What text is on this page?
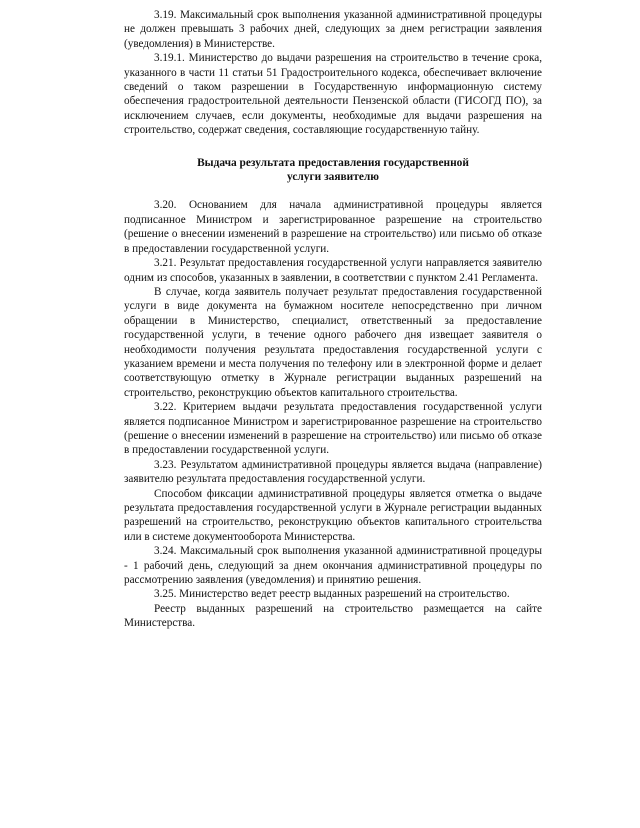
3.19. Максимальный срок выполнения указанной административной процедуры не должен превышать 3 рабочих дней, следующих за днем регистрации заявления (уведомления) в Министерстве.

3.19.1. Министерство до выдачи разрешения на строительство в течение срока, указанного в части 11 статьи 51 Градостроительного кодекса, обеспечивает включение сведений о таком разрешении в Государственную информационную систему обеспечения градостроительной деятельности Пензенской области (ГИСОГД ПО), за исключением случаев, если документы, необходимые для выдачи разрешения на строительство, содержат сведения, составляющие государственную тайну.

Выдача результата предоставления государственной услуги заявителю

3.20. Основанием для начала административной процедуры является подписанное Министром и зарегистрированное разрешение на строительство (решение о внесении изменений в разрешение на строительство) или письмо об отказе в предоставлении государственной услуги.

3.21. Результат предоставления государственной услуги направляется заявителю одним из способов, указанных в заявлении, в соответствии с пунктом 2.41 Регламента.

В случае, когда заявитель получает результат предоставления государственной услуги в виде документа на бумажном носителе непосредственно при личном обращении в Министерство, специалист, ответственный за предоставление государственной услуги, в течение одного рабочего дня извещает заявителя о необходимости получения результата предоставления государственной услуги с указанием времени и места получения по телефону или в электронной форме и делает соответствующую отметку в Журнале регистрации выданных разрешений на строительство, реконструкцию объектов капитального строительства.

3.22. Критерием выдачи результата предоставления государственной услуги является подписанное Министром и зарегистрированное разрешение на строительство (решение о внесении изменений в разрешение на строительство) или письмо об отказе в предоставлении государственной услуги.

3.23. Результатом административной процедуры является выдача (направление) заявителю результата предоставления государственной услуги.

Способом фиксации административной процедуры является отметка о выдаче результата предоставления государственной услуги в Журнале регистрации выданных разрешений на строительство, реконструкцию объектов капитального строительства или в системе документооборота Министерства.

3.24. Максимальный срок выполнения указанной административной процедуры - 1 рабочий день, следующий за днем окончания административной процедуры по рассмотрению заявления (уведомления) и принятию решения.

3.25. Министерство ведет реестр выданных разрешений на строительство.

Реестр выданных разрешений на строительство размещается на сайте Министерства.
